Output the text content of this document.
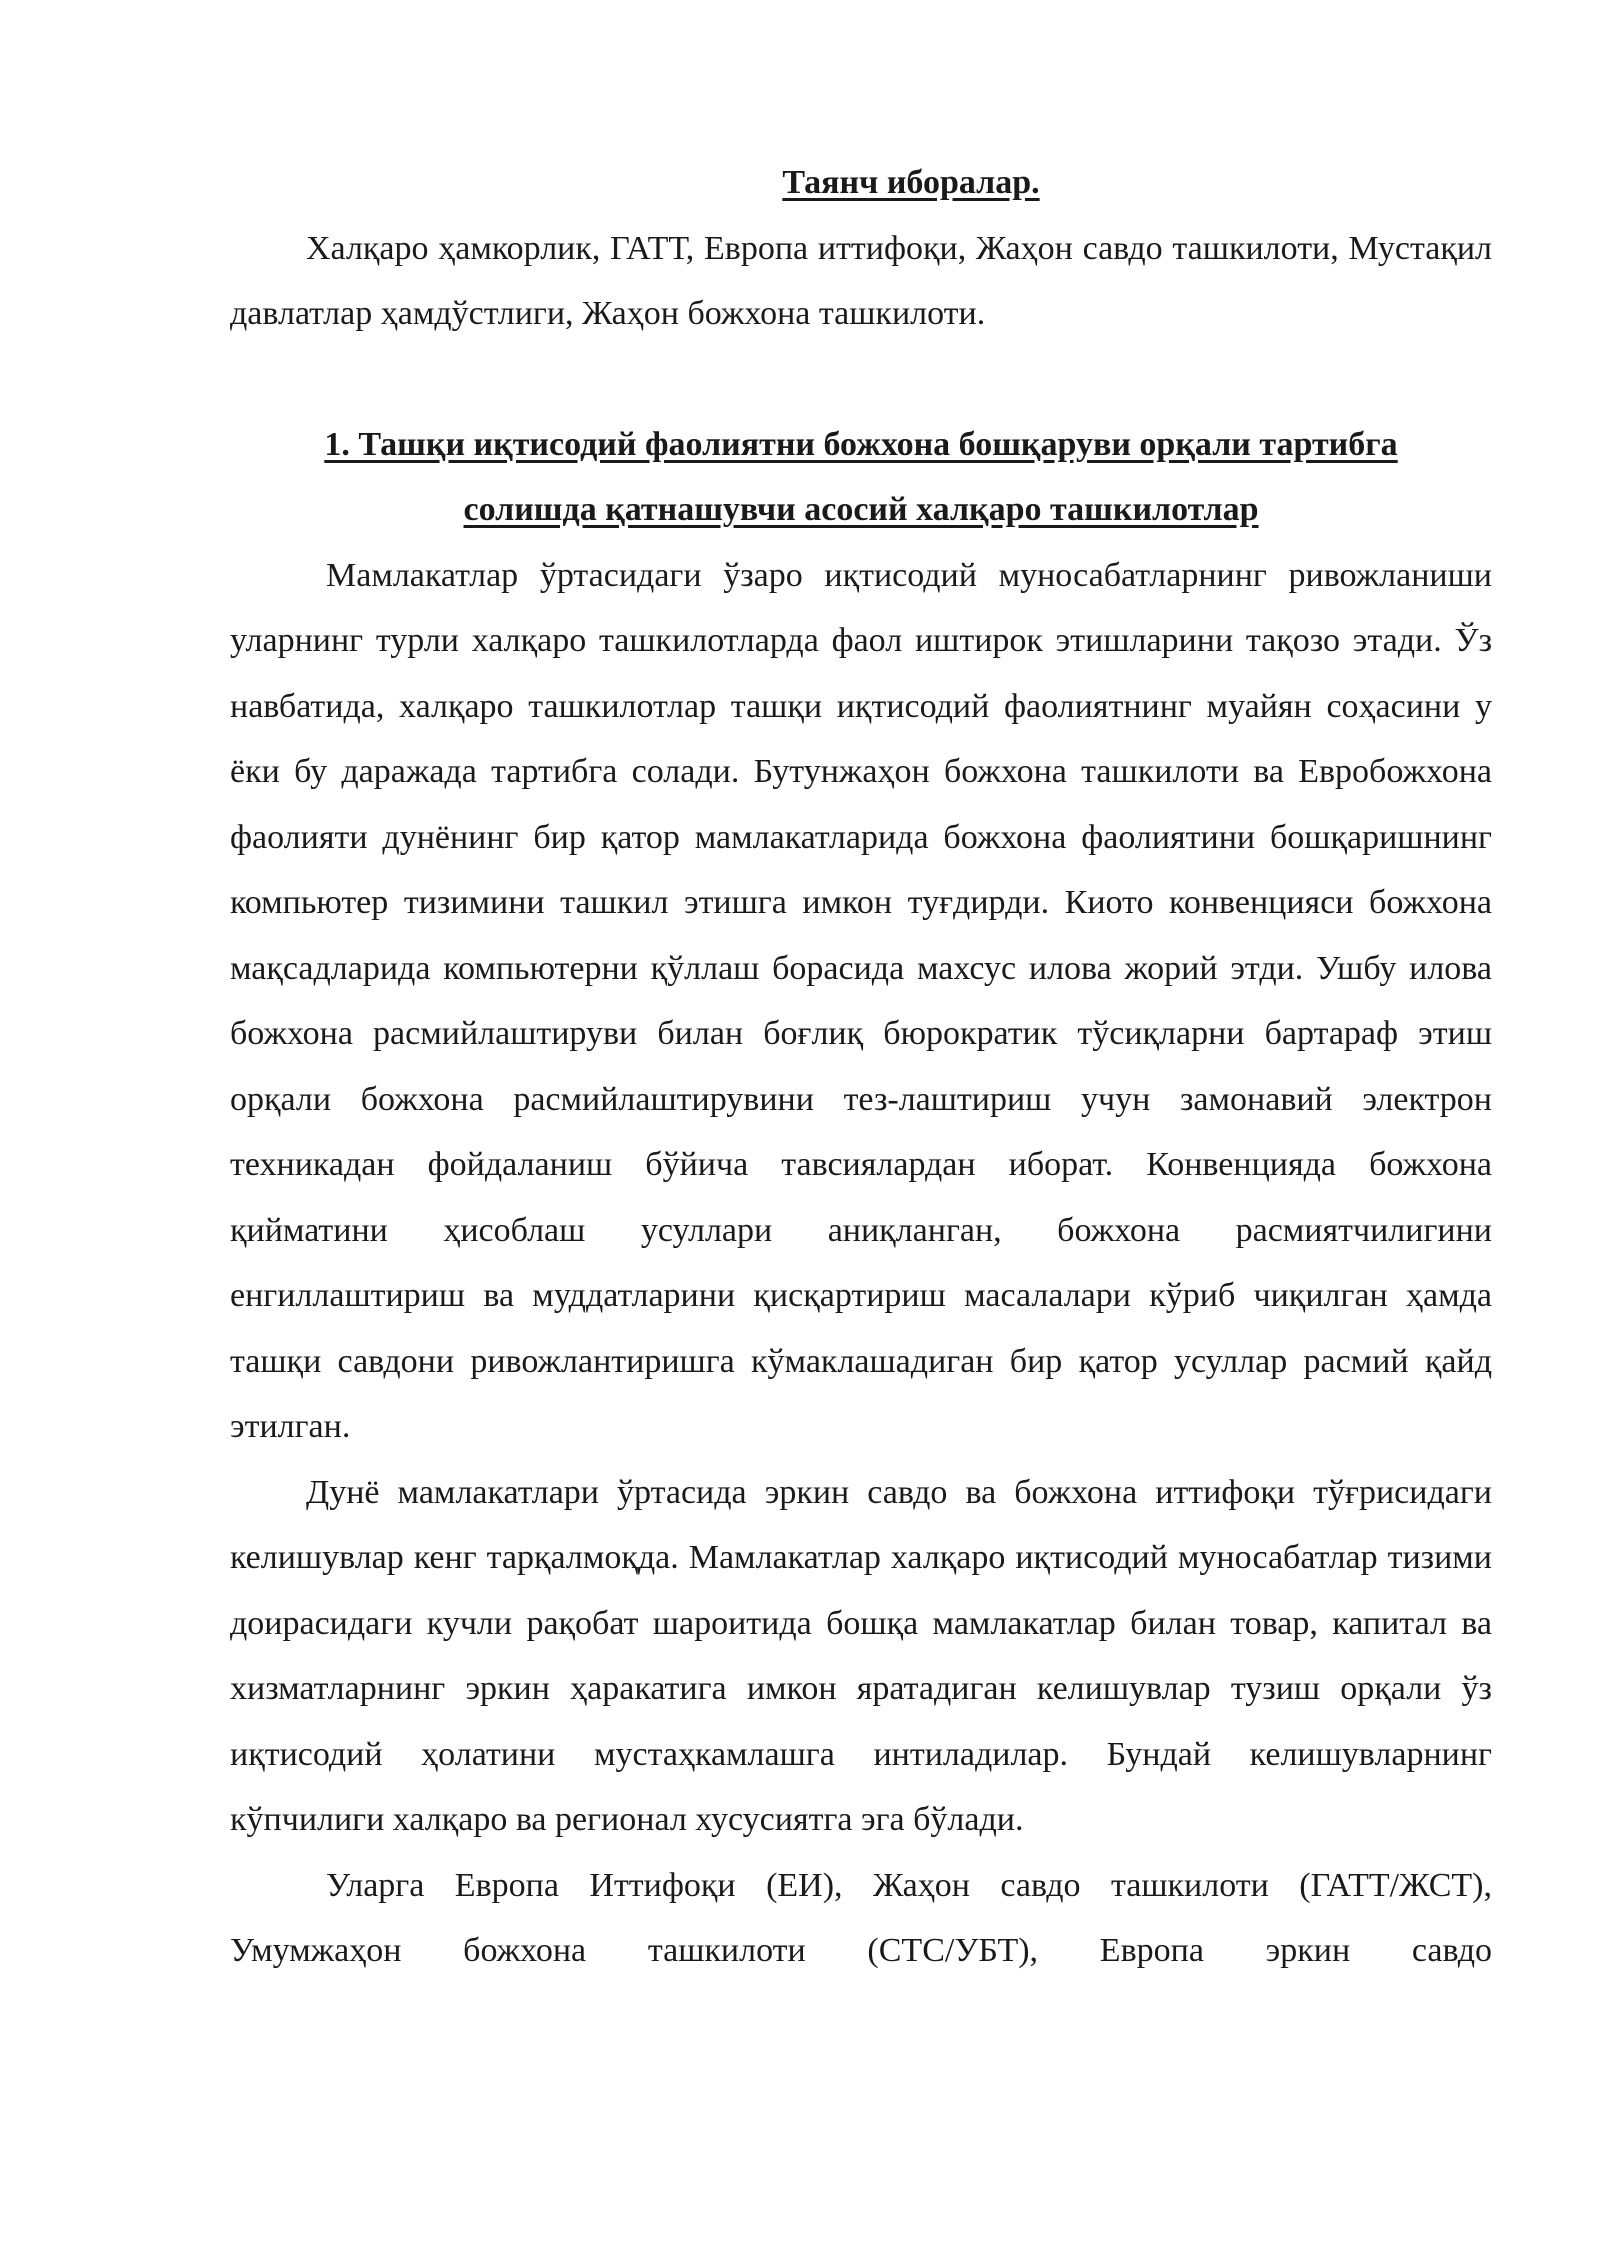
Таянч иборалар.

Халқаро ҳамкорлик, ГАТТ, Европа иттифоқи, Жаҳон савдо ташкилоти, Мустақил давлатлар ҳамдўстлиги, Жаҳон божхона ташкилоти.

1. Ташқи иқтисодий фаолиятни божхона бошқаруви орқали тартибга

солишда қатнашувчи асосий халқаро ташкилотлар

Мамлакатлар ўртасидаги ўзаро иқтисодий муносабатларнинг ривожланиши уларнинг турли халқаро ташкилотларда фаол иштирок этишларини тақозо этади. Ўз навбатида, халқаро ташкилотлар ташқи иқтисодий фаолиятнинг муайян соҳасини у ёки бу даражада тартибга солади. Бутунжаҳон божхона ташкилоти ва Евробожхона фаолияти дунёнинг бир қатор мамлакатларида божхона фаолиятини бошқаришнинг компьютер тизимини ташкил этишга имкон туғдирди. Киото конвенцияси божхона мақсадларида компьютерни қўллаш борасида махсус илова жорий этди. Ушбу илова божхона расмийлаштируви билан боғлиқ бюрократик тўсиқларни бартараф этиш орқали божхона расмийлаштирувини тез-лаштириш учун замонавий электрон техникадан фойдаланиш бўйича тавсиялардан иборат. Конвенцияда божхона қийматини ҳисоблаш усуллари аниқланган, божхона расмиятчилигини енгиллаштириш ва муддатларини қисқартириш масалалари кўриб чиқилган ҳамда ташқи савдони ривожлантиришга кўмаклашадиган бир қатор усуллар расмий қайд этилган.

Дунё мамлакатлари ўртасида эркин савдо ва божхона иттифоқи тўғрисидаги келишувлар кенг тарқалмоқда. Мамлакатлар халқаро иқтисодий муносабатлар тизими доирасидаги кучли рақобат шароитида бошқа мамлакатлар билан товар, капитал ва хизматларнинг эркин ҳаракатига имкон яратадиган келишувлар тузиш орқали ўз иқтисодий ҳолатини мустаҳкамлашга интиладилар. Бундай келишувларнинг кўпчилиги халқаро ва регионал хусусиятга эга бўлади.

Уларга Европа Иттифоқи (ЕИ), Жаҳон савдо ташкилоти (ГАТТ/ЖСТ), Умумжаҳон божхона ташкилоти (СТС/УБТ), Европа эркин савдо
